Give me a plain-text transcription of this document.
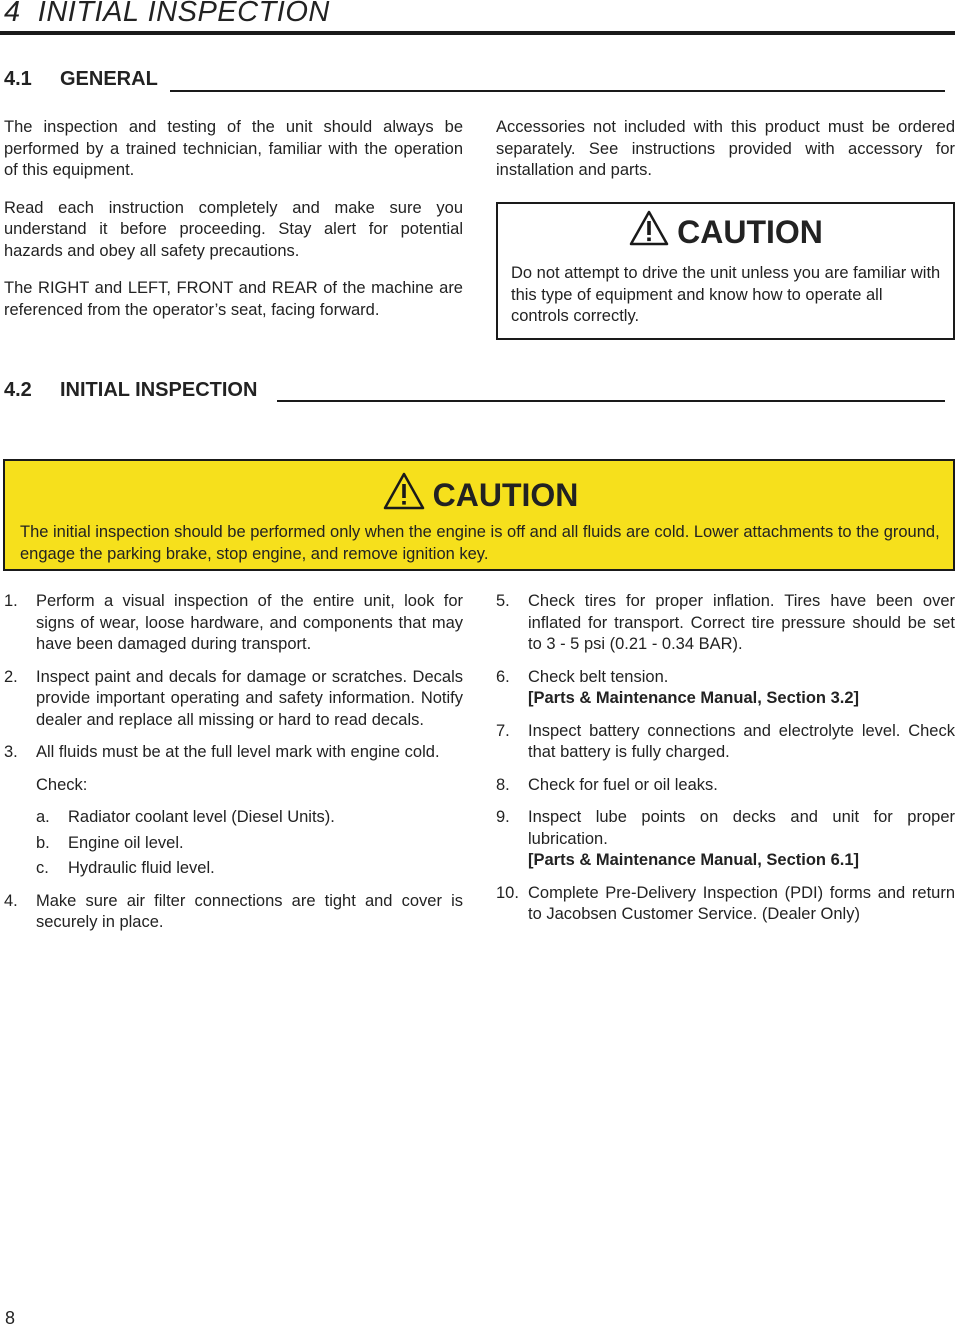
4 INITIAL INSPECTION
4.1 GENERAL

The inspection and testing of the unit should always be performed by a trained technician, familiar with the operation of this equipment.

Read each instruction completely and make sure you understand it before proceeding. Stay alert for potential hazards and obey all safety precautions.

The RIGHT and LEFT, FRONT and REAR of the machine are referenced from the operator’s seat, facing forward.

Accessories not included with this product must be ordered separately. See instructions provided with accessory for installation and parts.

CAUTION
Do not attempt to drive the unit unless you are familiar with this type of equipment and know how to operate all controls correctly.
4.2 INITIAL INSPECTION
CAUTION
The initial inspection should be performed only when the engine is off and all fluids are cold. Lower attachments to the ground, engage the parking brake, stop engine, and remove ignition key.
1. Perform a visual inspection of the entire unit, look for signs of wear, loose hardware, and components that may have been damaged during transport.
2. Inspect paint and decals for damage or scratches. Decals provide important operating and safety information. Notify dealer and replace all missing or hard to read decals.
3. All fluids must be at the full level mark with engine cold.
Check:
a. Radiator coolant level (Diesel Units).
b. Engine oil level.
c. Hydraulic fluid level.
4. Make sure air filter connections are tight and cover is securely in place.
5. Check tires for proper inflation. Tires have been over inflated for transport. Correct tire pressure should be set to 3 - 5 psi (0.21 - 0.34 BAR).
6. Check belt tension.
[Parts & Maintenance Manual, Section 3.2]
7. Inspect battery connections and electrolyte level. Check that battery is fully charged.
8. Check for fuel or oil leaks.
9. Inspect lube points on decks and unit for proper lubrication.
[Parts & Maintenance Manual, Section 6.1]
10. Complete Pre-Delivery Inspection (PDI) forms and return to Jacobsen Customer Service. (Dealer Only)
8
